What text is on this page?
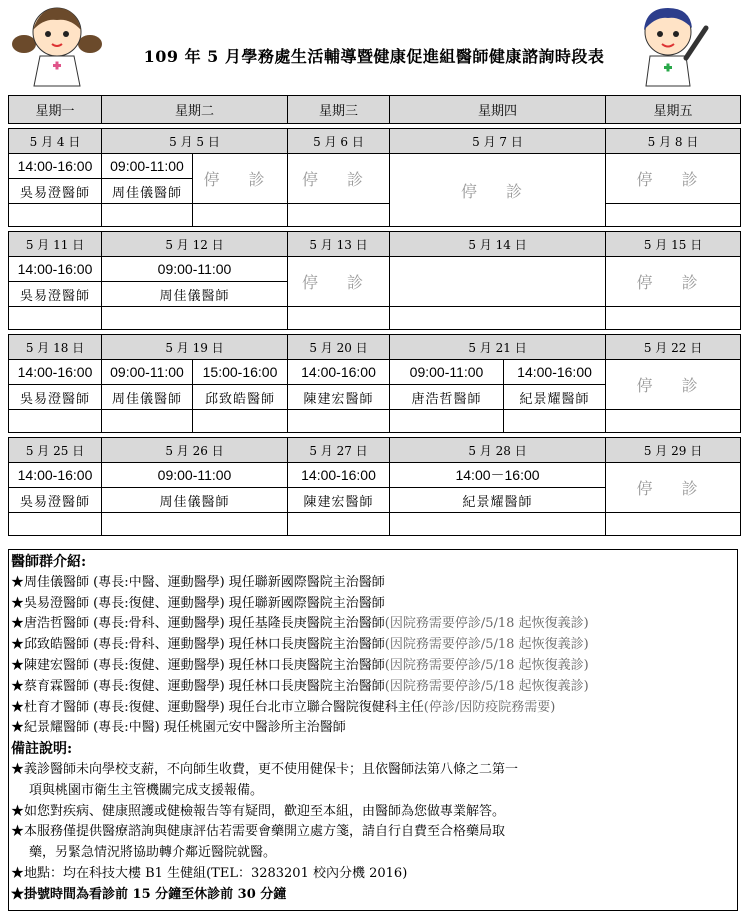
109 年 5 月學務處生活輔導暨健康促進組醫師健康諮詢時段表
星期一	星期二		星期三	星期四		星期五

5 月 4 日	5 月 5 日		5 月 6 日	5 月 7 日		5 月 8 日
14:00-16:00	09:00-11:00	停 診	停 診	停 診		停 診
吳易澄醫師	周佳儀醫師					

5 月 11 日	5 月 12 日		5 月 13 日	5 月 14 日		5 月 15 日
14:00-16:00	09:00-11:00		停 診			停 診
吳易澄醫師	周佳儀醫師					

5 月 18 日	5 月 19 日		5 月 20 日	5 月 21 日		5 月 22 日
14:00-16:00	09:00-11:00	15:00-16:00	14:00-16:00	09:00-11:00	14:00-16:00	停 診
吳易澄醫師	周佳儀醫師	邱致皓醫師	陳建宏醫師	唐浩哲醫師	紀景耀醫師	

5 月 25 日	5 月 26 日		5 月 27 日	5 月 28 日		5 月 29 日
14:00-16:00	09:00-11:00		14:00-16:00	14:00－16:00		停 診
吳易澄醫師	周佳儀醫師		陳建宏醫師	紀景耀醫師		

醫師群介紹:
★周佳儀醫師 (專長:中醫、運動醫學) 現任聯新國際醫院主治醫師
★吳易澄醫師 (專長:復健、運動醫學) 現任聯新國際醫院主治醫師
★唐浩哲醫師 (專長:骨科、運動醫學) 現任基隆長庚醫院主治醫師(因院務需要停診/5/18 起恢復義診)
★邱致皓醫師 (專長:骨科、運動醫學) 現任林口長庚醫院主治醫師(因院務需要停診/5/18 起恢復義診)
★陳建宏醫師 (專長:復健、運動醫學) 現任林口長庚醫院主治醫師(因院務需要停診/5/18 起恢復義診)
★蔡育霖醫師 (專長:復健、運動醫學) 現任林口長庚醫院主治醫師(因院務需要停診/5/18 起恢復義診)
★杜育才醫師 (專長:復健、運動醫學) 現任台北市立聯合醫院復健科主任(停診/因防疫院務需要)
★紀景耀醫師 (專長:中醫) 現任桃園元安中醫診所主治醫師
備註說明:
★義診醫師未向學校支薪，不向師生收費，更不使用健保卡；且依醫師法第八條之二第一
項與桃園市衛生主管機關完成支援報備。
★如您對疾病、健康照護或健檢報告等有疑問，歡迎至本組，由醫師為您做專業解答。
★本服務僅提供醫療諮詢與健康評估若需要會藥開立處方箋，請自行自費至合格藥局取
藥，另緊急情況將協助轉介鄰近醫院就醫。
★地點：均在科技大樓 B1 生健組(TEL：3283201 校內分機 2016)
★掛號時間為看診前 15 分鐘至休診前 30 分鐘
